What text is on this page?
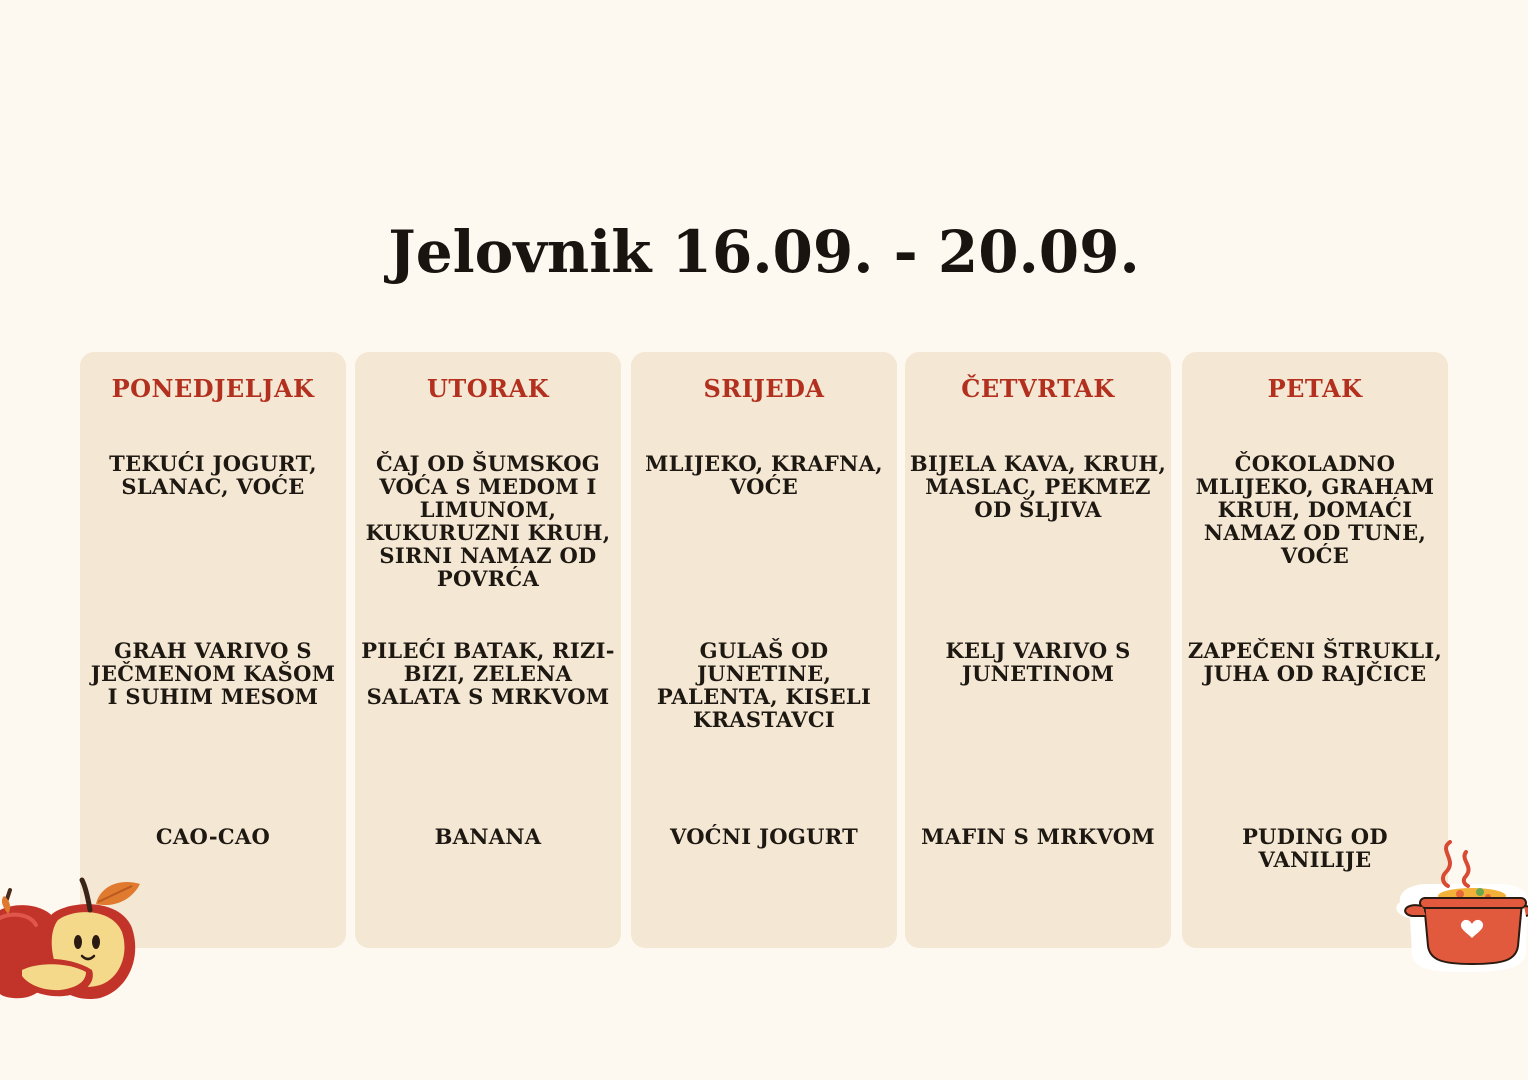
Jelovnik 16.09. - 20.09.
PONEDJELJAK
TEKUĆI JOGURT, SLANAC, VOĆE
GRAH VARIVO S JEČMENOM KAŠOM I SUHIM MESOM
CAO-CAO
UTORAK
ČAJ OD ŠUMSKOG VOĆA S MEDOM I LIMUNOM, KUKURUZNI KRUH, SIRNI NAMAZ OD POVRĆA
PILEĆI BATAK, RIZI-BIZI, ZELENA SALATA S MRKVOM
BANANA
SRIJEDA
MLIJEKO, KRAFNA, VOĆE
GULAŠ OD JUNETINE, PALENTA, KISELI KRASTAVCI
VOĆNI JOGURT
ČETVRTAK
BIJELA KAVA, KRUH, MASLAC, PEKMEZ OD ŠLJIVA
KELJ VARIVO S JUNETINOM
MAFIN S MRKVOM
PETAK
ČOKOLADNO MLIJEKO, GRAHAM KRUH, DOMAĆI NAMAZ OD TUNE, VOĆE
ZAPEČENI ŠTRUKLI, JUHA OD RAJČICE
PUDING OD VANILIJE
